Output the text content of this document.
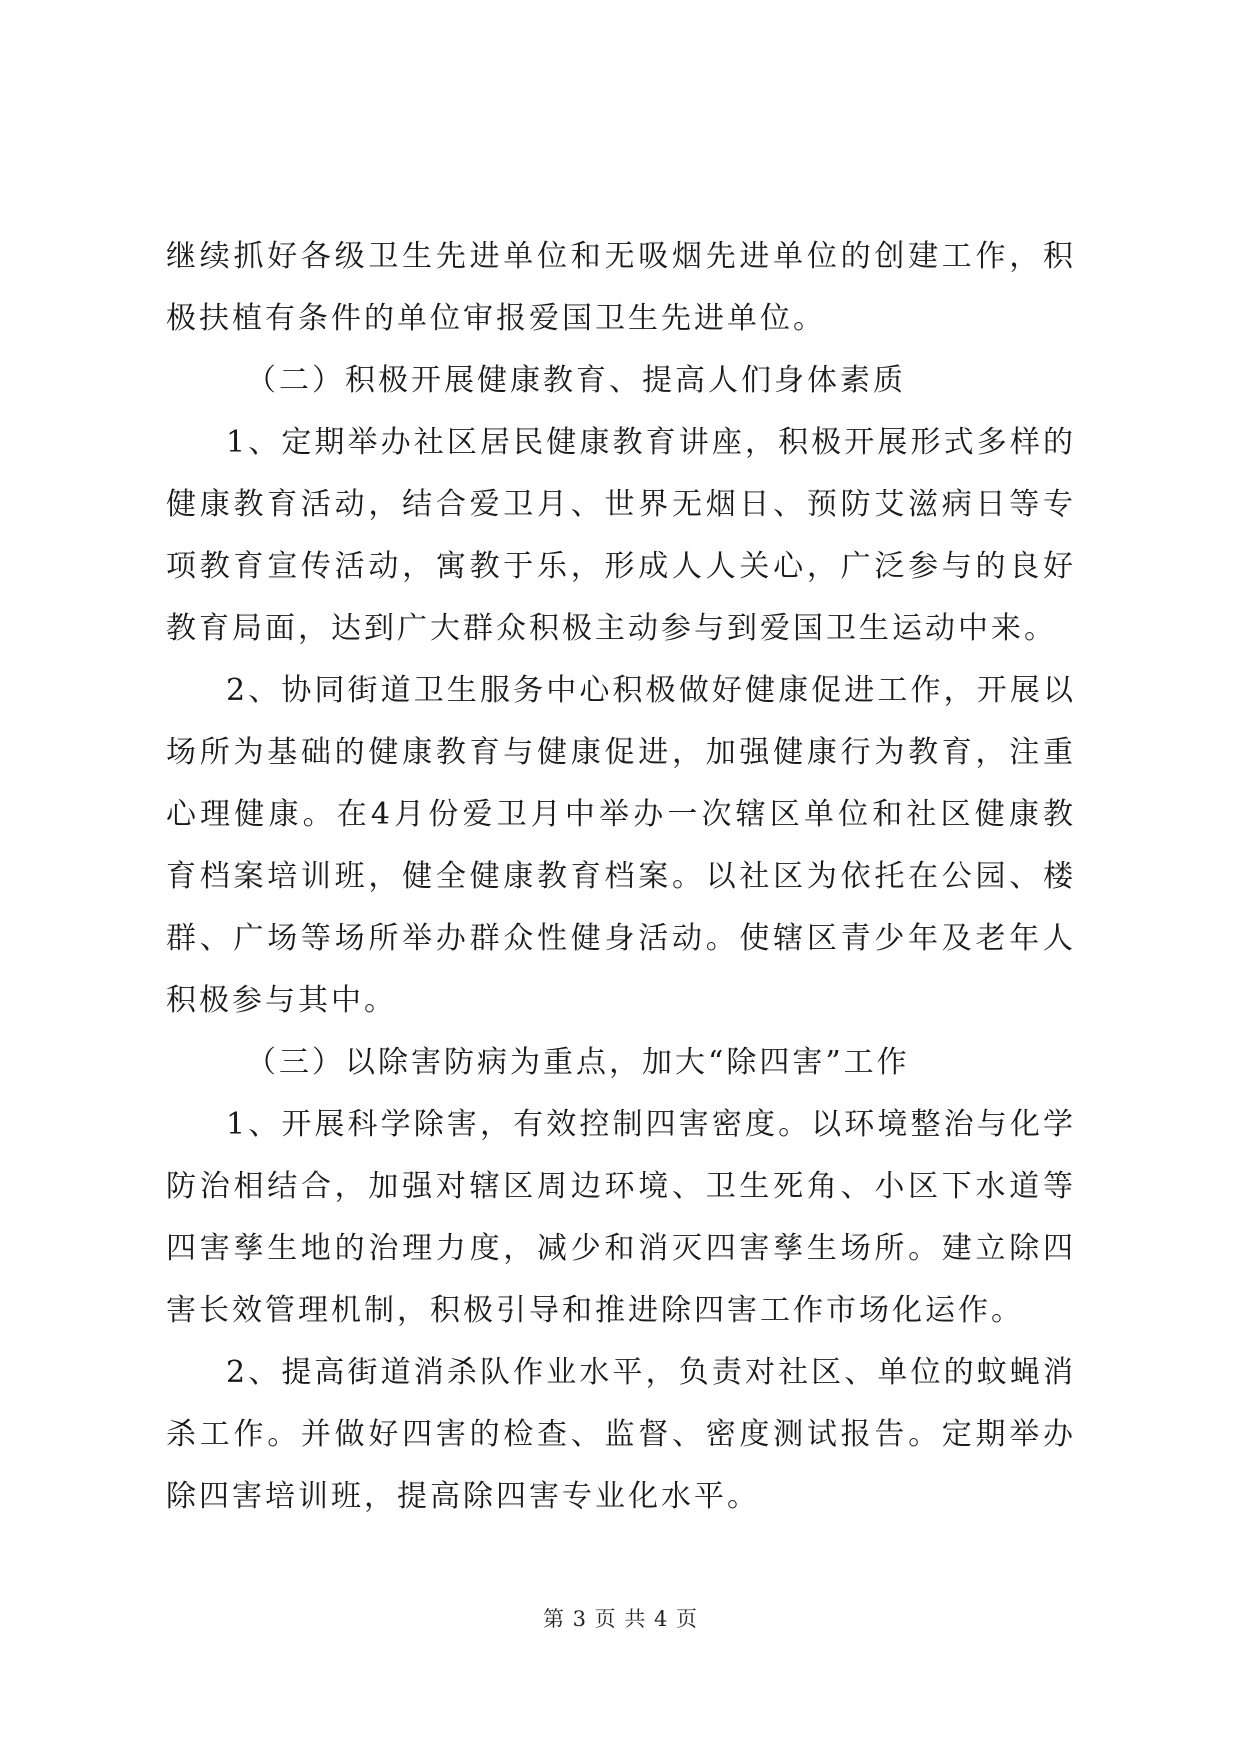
继续抓好各级卫生先进单位和无吸烟先进单位的创建工作，积极扶植有条件的单位审报爱国卫生先进单位。

（二）积极开展健康教育、提高人们身体素质

1、定期举办社区居民健康教育讲座，积极开展形式多样的健康教育活动，结合爱卫月、世界无烟日、预防艾滋病日等专项教育宣传活动，寓教于乐，形成人人关心，广泛参与的良好教育局面，达到广大群众积极主动参与到爱国卫生运动中来。

2、协同街道卫生服务中心积极做好健康促进工作，开展以场所为基础的健康教育与健康促进，加强健康行为教育，注重心理健康。在4月份爱卫月中举办一次辖区单位和社区健康教育档案培训班，健全健康教育档案。以社区为依托在公园、楼群、广场等场所举办群众性健身活动。使辖区青少年及老年人积极参与其中。

（三）以除害防病为重点，加大“除四害”工作

1、开展科学除害，有效控制四害密度。以环境整治与化学防治相结合，加强对辖区周边环境、卫生死角、小区下水道等四害孳生地的治理力度，减少和消灭四害孳生场所。建立除四害长效管理机制，积极引导和推进除四害工作市场化运作。

2、提高街道消杀队作业水平，负责对社区、单位的蚊蝇消杀工作。并做好四害的检查、监督、密度测试报告。定期举办除四害培训班，提高除四害专业化水平。

第 3 页 共 4 页
